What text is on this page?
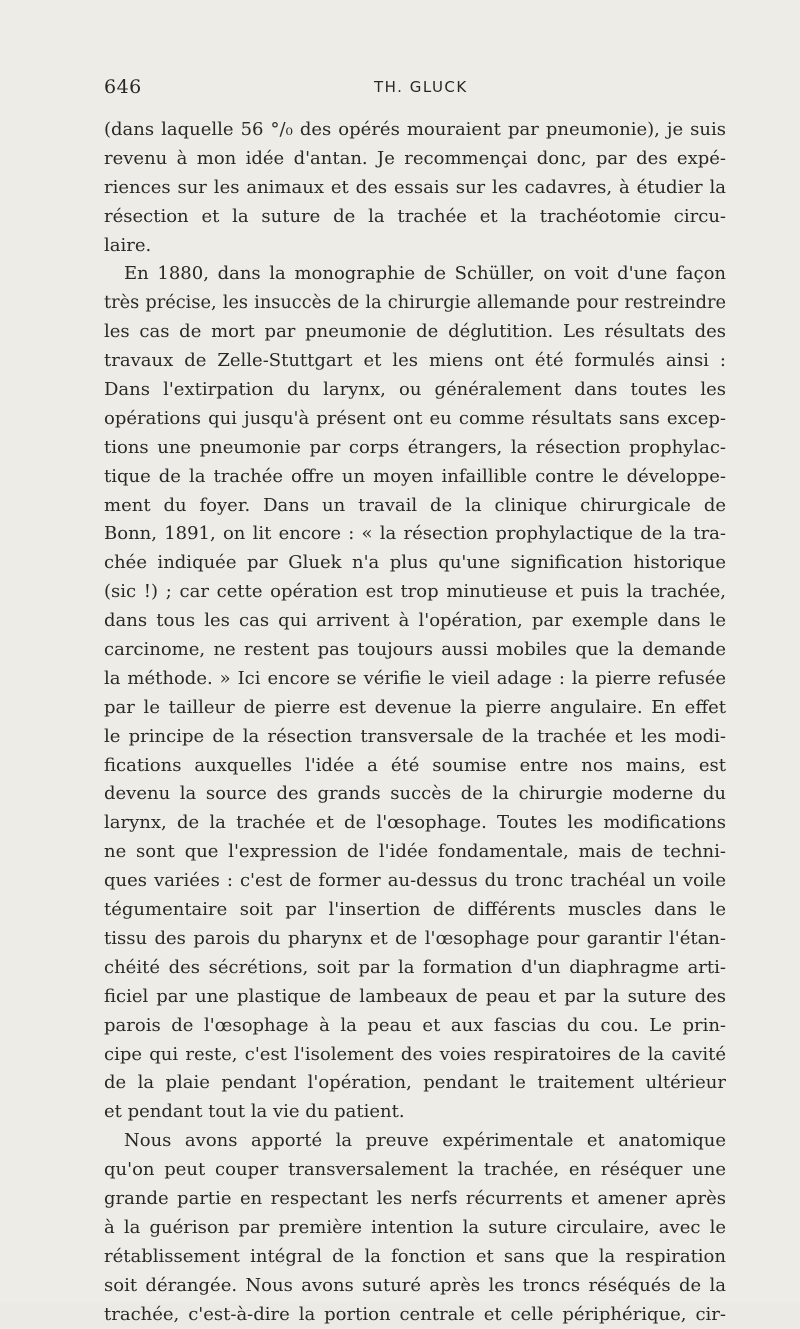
646	TH. GLUCK
(dans laquelle 56 °/₀ des opérés mouraient par pneumonie), je suis
revenu à mon idée d'antan. Je recommençai donc, par des expé-
riences sur les animaux et des essais sur les cadavres, à étudier la
résection et la suture de la trachée et la trachéotomie circu-
laire.
En 1880, dans la monographie de Schüller, on voit d'une façon
très précise, les insuccès de la chirurgie allemande pour restreindre
les cas de mort par pneumonie de déglutition. Les résultats des
travaux de Zelle-Stuttgart et les miens ont été formulés ainsi :
Dans l'extirpation du larynx, ou généralement dans toutes les
opérations qui jusqu'à présent ont eu comme résultats sans excep-
tions une pneumonie par corps étrangers, la résection prophylac-
tique de la trachée offre un moyen infaillible contre le développe-
ment du foyer. Dans un travail de la clinique chirurgicale de
Bonn, 1891, on lit encore : « la résection prophylactique de la tra-
chée indiquée par Gluek n'a plus qu'une signification historique
(sic !) ; car cette opération est trop minutieuse et puis la trachée,
dans tous les cas qui arrivent à l'opération, par exemple dans le
carcinome, ne restent pas toujours aussi mobiles que la demande
la méthode. » Ici encore se vérifie le vieil adage : la pierre refusée
par le tailleur de pierre est devenue la pierre angulaire. En effet
le principe de la résection transversale de la trachée et les modi-
fications auxquelles l'idée a été soumise entre nos mains, est
devenu la source des grands succès de la chirurgie moderne du
larynx, de la trachée et de l'œsophage. Toutes les modifications
ne sont que l'expression de l'idée fondamentale, mais de techni-
ques variées : c'est de former au-dessus du tronc trachéal un voile
tégumentaire soit par l'insertion de différents muscles dans le
tissu des parois du pharynx et de l'œsophage pour garantir l'étan-
chéité des sécrétions, soit par la formation d'un diaphragme arti-
ficiel par une plastique de lambeaux de peau et par la suture des
parois de l'œsophage à la peau et aux fascias du cou. Le prin-
cipe qui reste, c'est l'isolement des voies respiratoires de la cavité
de la plaie pendant l'opération, pendant le traitement ultérieur
et pendant tout la vie du patient.
Nous avons apporté la preuve expérimentale et anatomique
qu'on peut couper transversalement la trachée, en réséquer une
grande partie en respectant les nerfs récurrents et amener après
à la guérison par première intention la suture circulaire, avec le
rétablissement intégral de la fonction et sans que la respiration
soit dérangée. Nous avons suturé après les troncs réséqués de la
trachée, c'est-à-dire la portion centrale et celle périphérique, cir-
